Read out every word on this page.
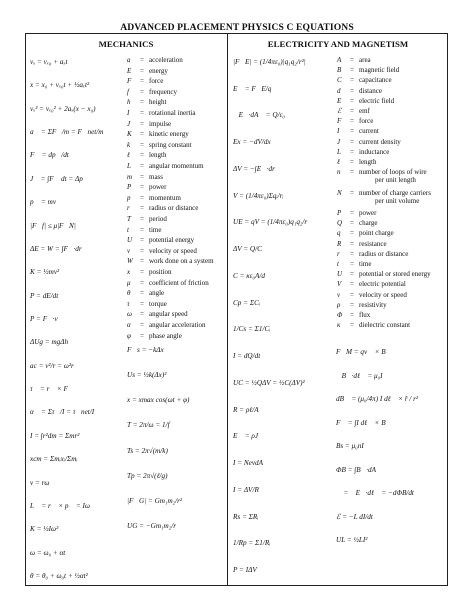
ADVANCED PLACEMENT PHYSICS C EQUATIONS
MECHANICS	ELECTRICITY AND MAGNETISM
vₓ = vₓ₀ + aₓt
x = x₀ + vₓ₀t + ½aₓt²
vₓ² = vₓ₀² + 2aₓ(x − x₀)
a⃗ = ΣF⃗/m = F⃗net/m
F⃗ = dp⃗/dt
J⃗ = ∫F⃗ dt = Δp⃗
p⃗ = mv⃗
|F⃗f| ≤ μ|F⃗N|
ΔE = W = ∫F⃗·dr⃗
K = ½mv²
P = dE/dt
P = F⃗·v⃗
ΔUg = mgΔh
ac = v²/r = ω²r
τ⃗ = r⃗ × F⃗
α⃗ = Στ⃗/I = τ⃗net/I
I = ∫r²dm = Σmr²
xcm = Σmᵢxᵢ/Σmᵢ
v = rω
L⃗ = r⃗ × p⃗ = Iω⃗
K = ½Iω²
ω = ω₀ + αt
θ = θ₀ + ω₀t + ½αt²
F⃗s = −kΔx⃗
Us = ½k(Δx)²
x = xmax cos(ωt + φ)
T = 2π/ω = 1/f
Ts = 2π√(m/k)
Tp = 2π√(ℓ/g)
|F⃗G| = Gm₁m₂/r²
UG = −Gm₁m₂/r
a = acceleration
E = energy
F = force
f = frequency
h = height
I = rotational inertia
J = impulse
K = kinetic energy
k = spring constant
ℓ = length
L = angular momentum
m = mass
P = power
p = momentum
r = radius or distance
T = period
t = time
U = potential energy
v = velocity or speed
W = work done on a system
x = position
μ = coefficient of friction
θ = angle
τ = torque
ω = angular speed
α = angular acceleration
φ = phase angle
|F⃗E| = (1/4πε₀)|q₁q₂/r²|
E⃗ = F⃗E/q
∮E⃗·dA⃗ = Q/ε₀
Ex = −dV/dx
ΔV = −∫E⃗·dr⃗
V = (1/4πε₀)Σqᵢ/rᵢ
UE = qV = (1/4πε₀)q₁q₂/r
ΔV = Q/C
C = κε₀A/d
Cp = ΣCᵢ
1/Cs = Σ1/Cᵢ
I = dQ/dt
UC = ½QΔV = ½C(ΔV)²
R = ρℓ/A
E⃗ = ρJ⃗
I = NevdA
I = ΔV/R
Rs = ΣRᵢ
1/Rp = Σ1/Rᵢ
P = IΔV
F⃗M = qv⃗ × B⃗
∮B⃗·dℓ⃗ = μ₀I
dB⃗ = (μ₀/4π) I dℓ⃗ × r̂ / r²
F⃗ = ∫I dℓ⃗ × B⃗
Bs = μ₀nI
ΦB = ∫B⃗·dA⃗
ℰ = ∮E⃗·dℓ⃗ = −dΦB/dt
ℰ = −L dI/dt
UL = ½LI²
A = area
B = magnetic field
C = capacitance
d = distance
E = electric field
ℰ = emf
F = force
I = current
J = current density
L = inductance
ℓ = length
n = number of loops of wire
per unit length
N = number of charge carriers
per unit volume
P = power
Q = charge
q = point charge
R = resistance
r = radius or distance
t = time
U = potential or stored energy
V = electric potential
v = velocity or speed
ρ = resistivity
Φ = flux
κ = dielectric constant
